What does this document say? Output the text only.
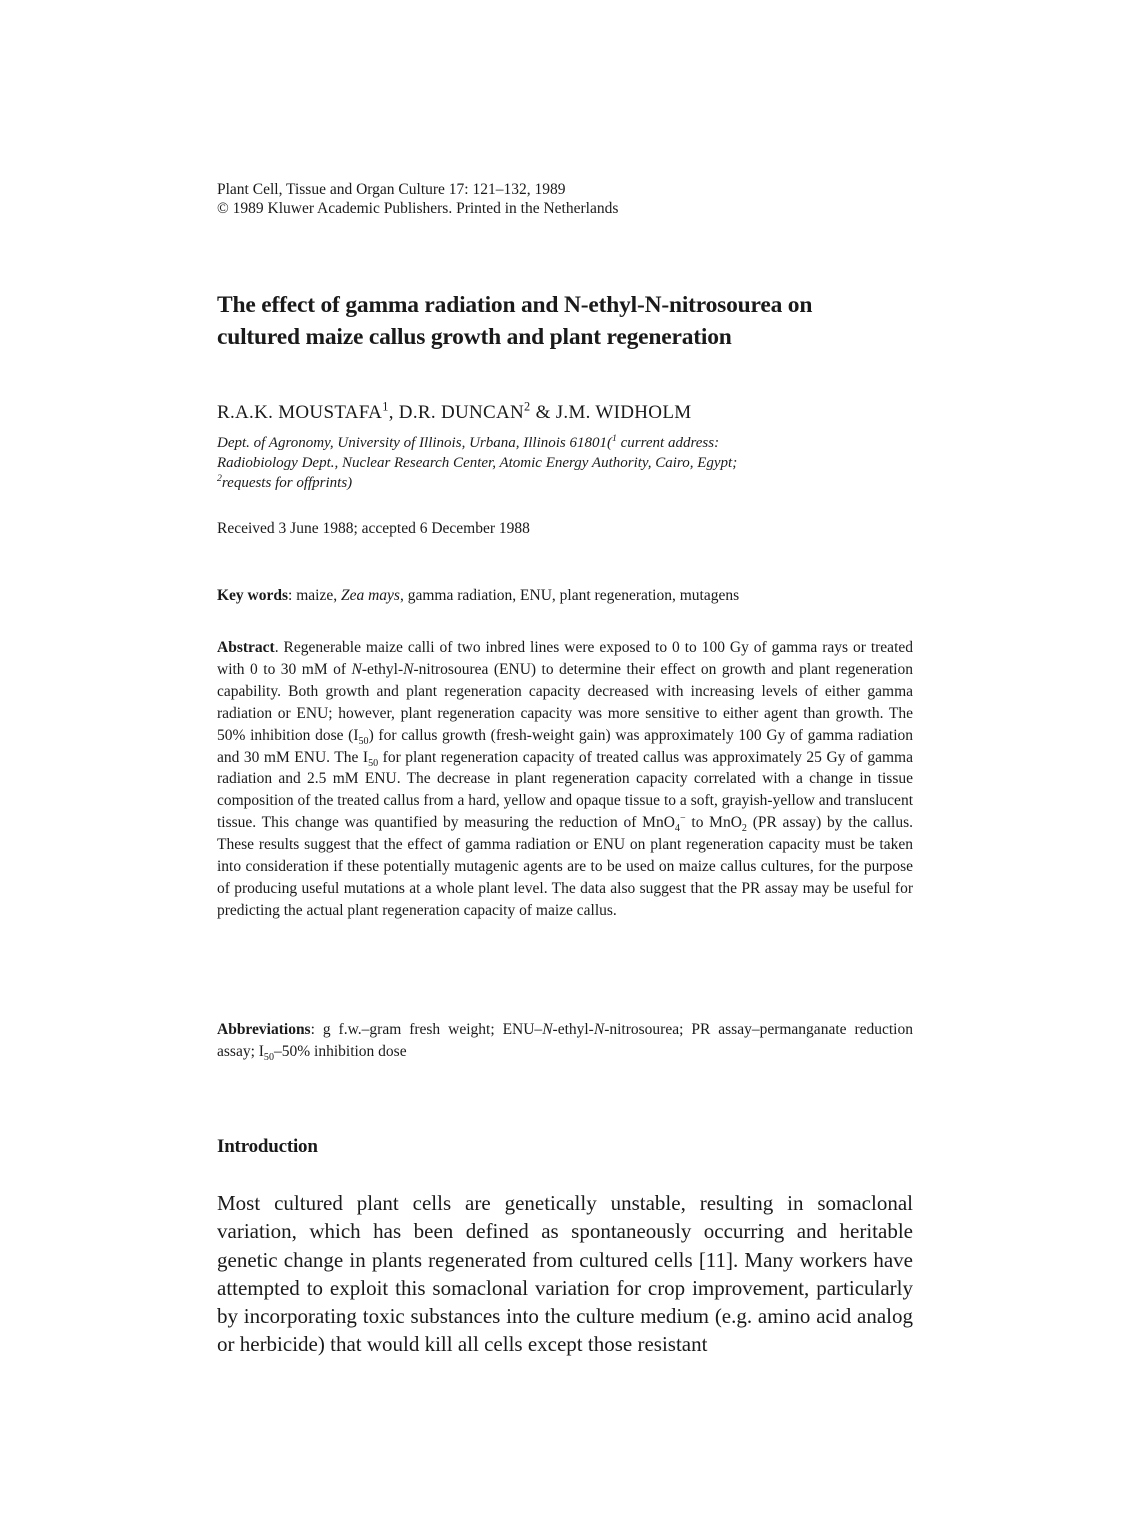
Plant Cell, Tissue and Organ Culture 17: 121–132, 1989
© 1989 Kluwer Academic Publishers. Printed in the Netherlands
The effect of gamma radiation and N-ethyl-N-nitrosourea on
cultured maize callus growth and plant regeneration
R.A.K. MOUSTAFA$^1$, D.R. DUNCAN$^2$ & J.M. WIDHOLM
Dept. of Agronomy, University of Illinois, Urbana, Illinois 61801($^1$ current address:
Radiobiology Dept., Nuclear Research Center, Atomic Energy Authority, Cairo, Egypt;
$^2$requests for offprints)
Received 3 June 1988; accepted 6 December 1988
Key words: maize, Zea mays, gamma radiation, ENU, plant regeneration, mutagens
Abstract. Regenerable maize calli of two inbred lines were exposed to 0 to 100 Gy of gamma rays or treated with 0 to 30 mM of N-ethyl-N-nitrosourea (ENU) to determine their effect on growth and plant regeneration capability. Both growth and plant regeneration capacity decreased with increasing levels of either gamma radiation or ENU; however, plant regeneration capacity was more sensitive to either agent than growth. The 50% inhibition dose $(I_{50})$ for callus growth (fresh-weight gain) was approximately 100 Gy of gamma radiation and 30 mM ENU. The $I_{50}$ for plant regeneration capacity of treated callus was approximately 25 Gy of gamma radiation and 2.5 mM ENU. The decrease in plant regeneration capacity correlated with a change in tissue composition of the treated callus from a hard, yellow and opaque tissue to a soft, grayish-yellow and translucent tissue. This change was quantified by measuring the reduction of MnO$_4$− to MnO$_2$ (PR assay) by the callus. These results suggest that the effect of gamma radiation or ENU on plant regeneration capacity must be taken into consideration if these potentially mutagenic agents are to be used on maize callus cultures, for the purpose of producing useful mutations at a whole plant level. The data also suggest that the PR assay may be useful for predicting the actual plant regeneration capacity of maize callus.
Abbreviations: g f.w.–gram fresh weight; ENU–N-ethyl-N-nitrosourea; PR assay–permanganate reduction assay; $I_{50}-50\%$ inhibition dose
Introduction
Most cultured plant cells are genetically unstable, resulting in somaclonal variation, which has been defined as spontaneously occurring and heritable genetic change in plants regenerated from cultured cells [11]. Many workers have attempted to exploit this somaclonal variation for crop improvement, particularly by incorporating toxic substances into the culture medium (e.g. amino acid analog or herbicide) that would kill all cells except those resistant
